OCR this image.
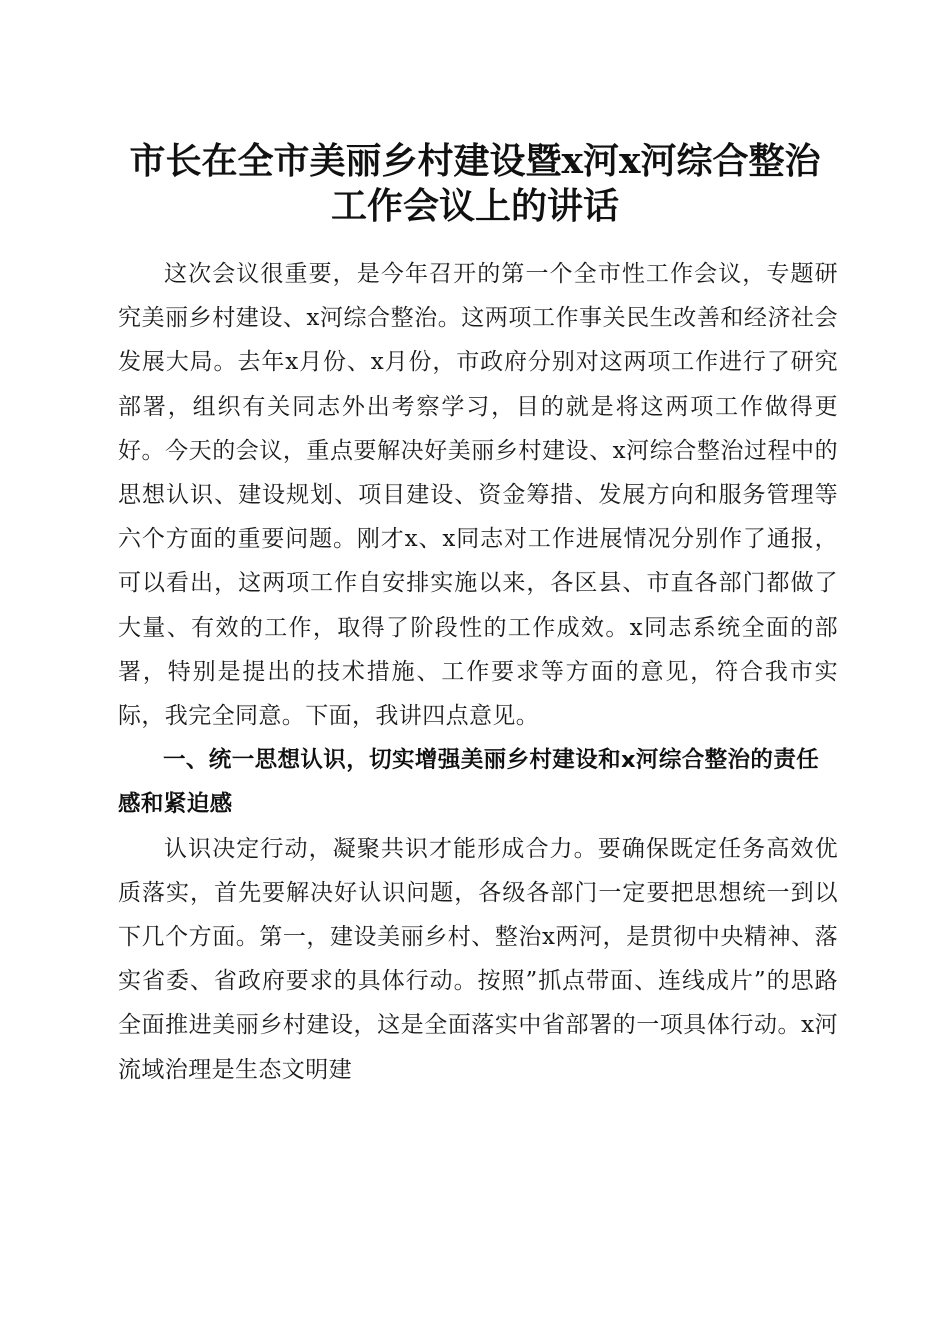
市长在全市美丽乡村建设暨x河x河综合整治
工作会议上的讲话

这次会议很重要，是今年召开的第一个全市性工作会议，专题研究美丽乡村建设、x河综合整治。这两项工作事关民生改善和经济社会发展大局。去年x月份、x月份，市政府分别对这两项工作进行了研究部署，组织有关同志外出考察学习，目的就是将这两项工作做得更好。今天的会议，重点要解决好美丽乡村建设、x河综合整治过程中的思想认识、建设规划、项目建设、资金筹措、发展方向和服务管理等六个方面的重要问题。刚才x、x同志对工作进展情况分别作了通报，可以看出，这两项工作自安排实施以来，各区县、市直各部门都做了大量、有效的工作，取得了阶段性的工作成效。x同志系统全面的部署，特别是提出的技术措施、工作要求等方面的意见，符合我市实际，我完全同意。下面，我讲四点意见。

一、统一思想认识，切实增强美丽乡村建设和x河综合整治的责任感和紧迫感

认识决定行动，凝聚共识才能形成合力。要确保既定任务高效优质落实，首先要解决好认识问题，各级各部门一定要把思想统一到以下几个方面。第一，建设美丽乡村、整治x两河，是贯彻中央精神、落实省委、省政府要求的具体行动。按照”抓点带面、连线成片”的思路全面推进美丽乡村建设，这是全面落实中省部署的一项具体行动。x河流域治理是生态文明建
